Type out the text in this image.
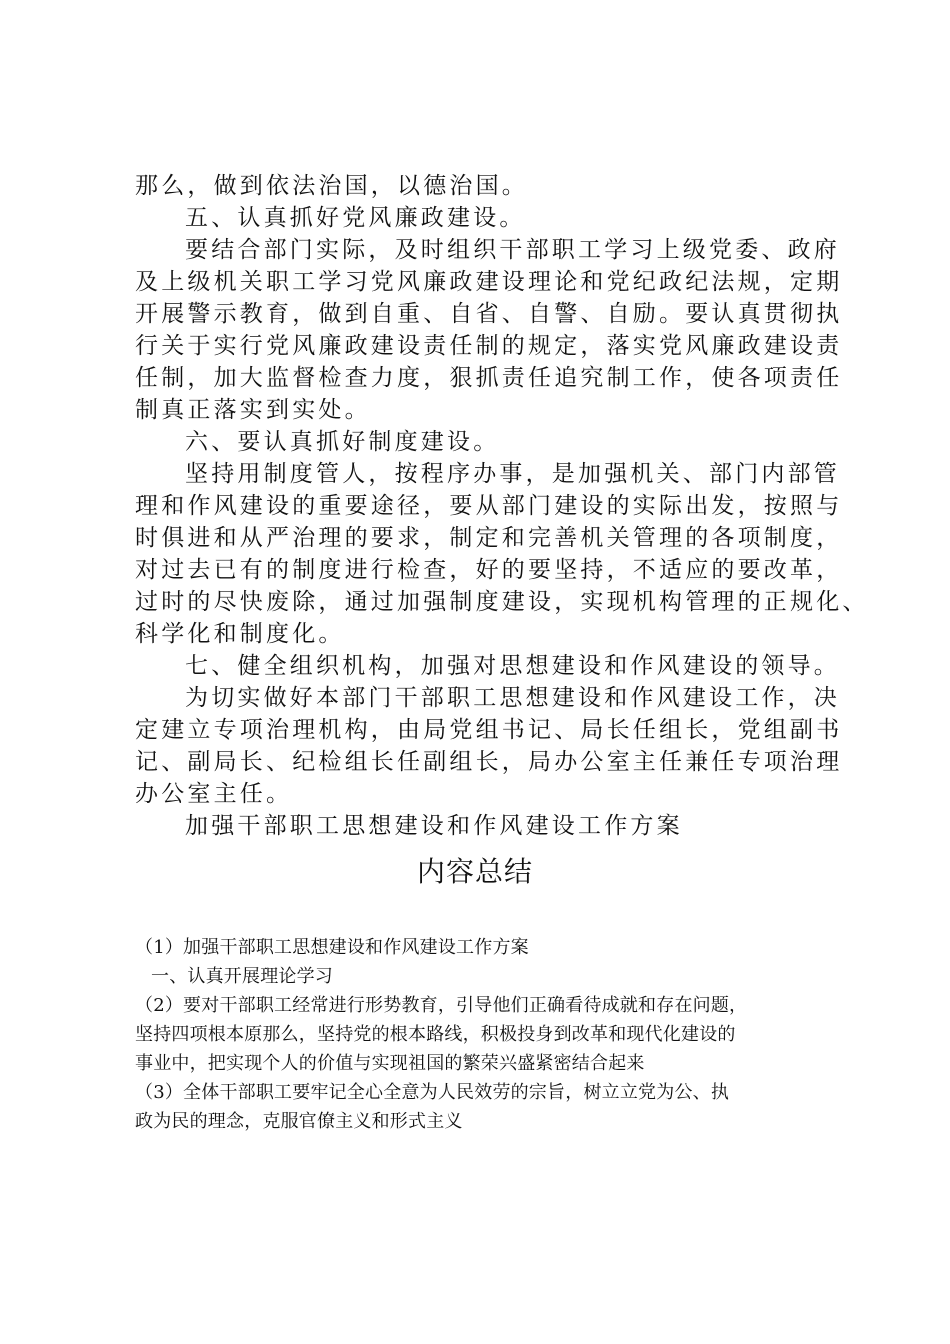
那么，做到依法治国，以德治国。
五、认真抓好党风廉政建设。
要结合部门实际，及时组织干部职工学习上级党委、政府
及上级机关职工学习党风廉政建设理论和党纪政纪法规，定期
开展警示教育，做到自重、自省、自警、自励。要认真贯彻执
行关于实行党风廉政建设责任制的规定，落实党风廉政建设责
任制，加大监督检查力度，狠抓责任追究制工作，使各项责任
制真正落实到实处。
六、要认真抓好制度建设。
坚持用制度管人，按程序办事，是加强机关、部门内部管
理和作风建设的重要途径，要从部门建设的实际出发，按照与
时俱进和从严治理的要求，制定和完善机关管理的各项制度，
对过去已有的制度进行检查，好的要坚持，不适应的要改革，
过时的尽快废除，通过加强制度建设，实现机构管理的正规化、
科学化和制度化。
七、健全组织机构，加强对思想建设和作风建设的领导。
为切实做好本部门干部职工思想建设和作风建设工作，决
定建立专项治理机构，由局党组书记、局长任组长，党组副书
记、副局长、纪检组长任副组长，局办公室主任兼任专项治理
办公室主任。
加强干部职工思想建设和作风建设工作方案
内容总结
（1）加强干部职工思想建设和作风建设工作方案
一、认真开展理论学习
（2）要对干部职工经常进行形势教育，引导他们正确看待成就和存在问题，
坚持四项根本原那么，坚持党的根本路线，积极投身到改革和现代化建设的
事业中，把实现个人的价值与实现祖国的繁荣兴盛紧密结合起来
（3）全体干部职工要牢记全心全意为人民效劳的宗旨，树立立党为公、执
政为民的理念，克服官僚主义和形式主义
